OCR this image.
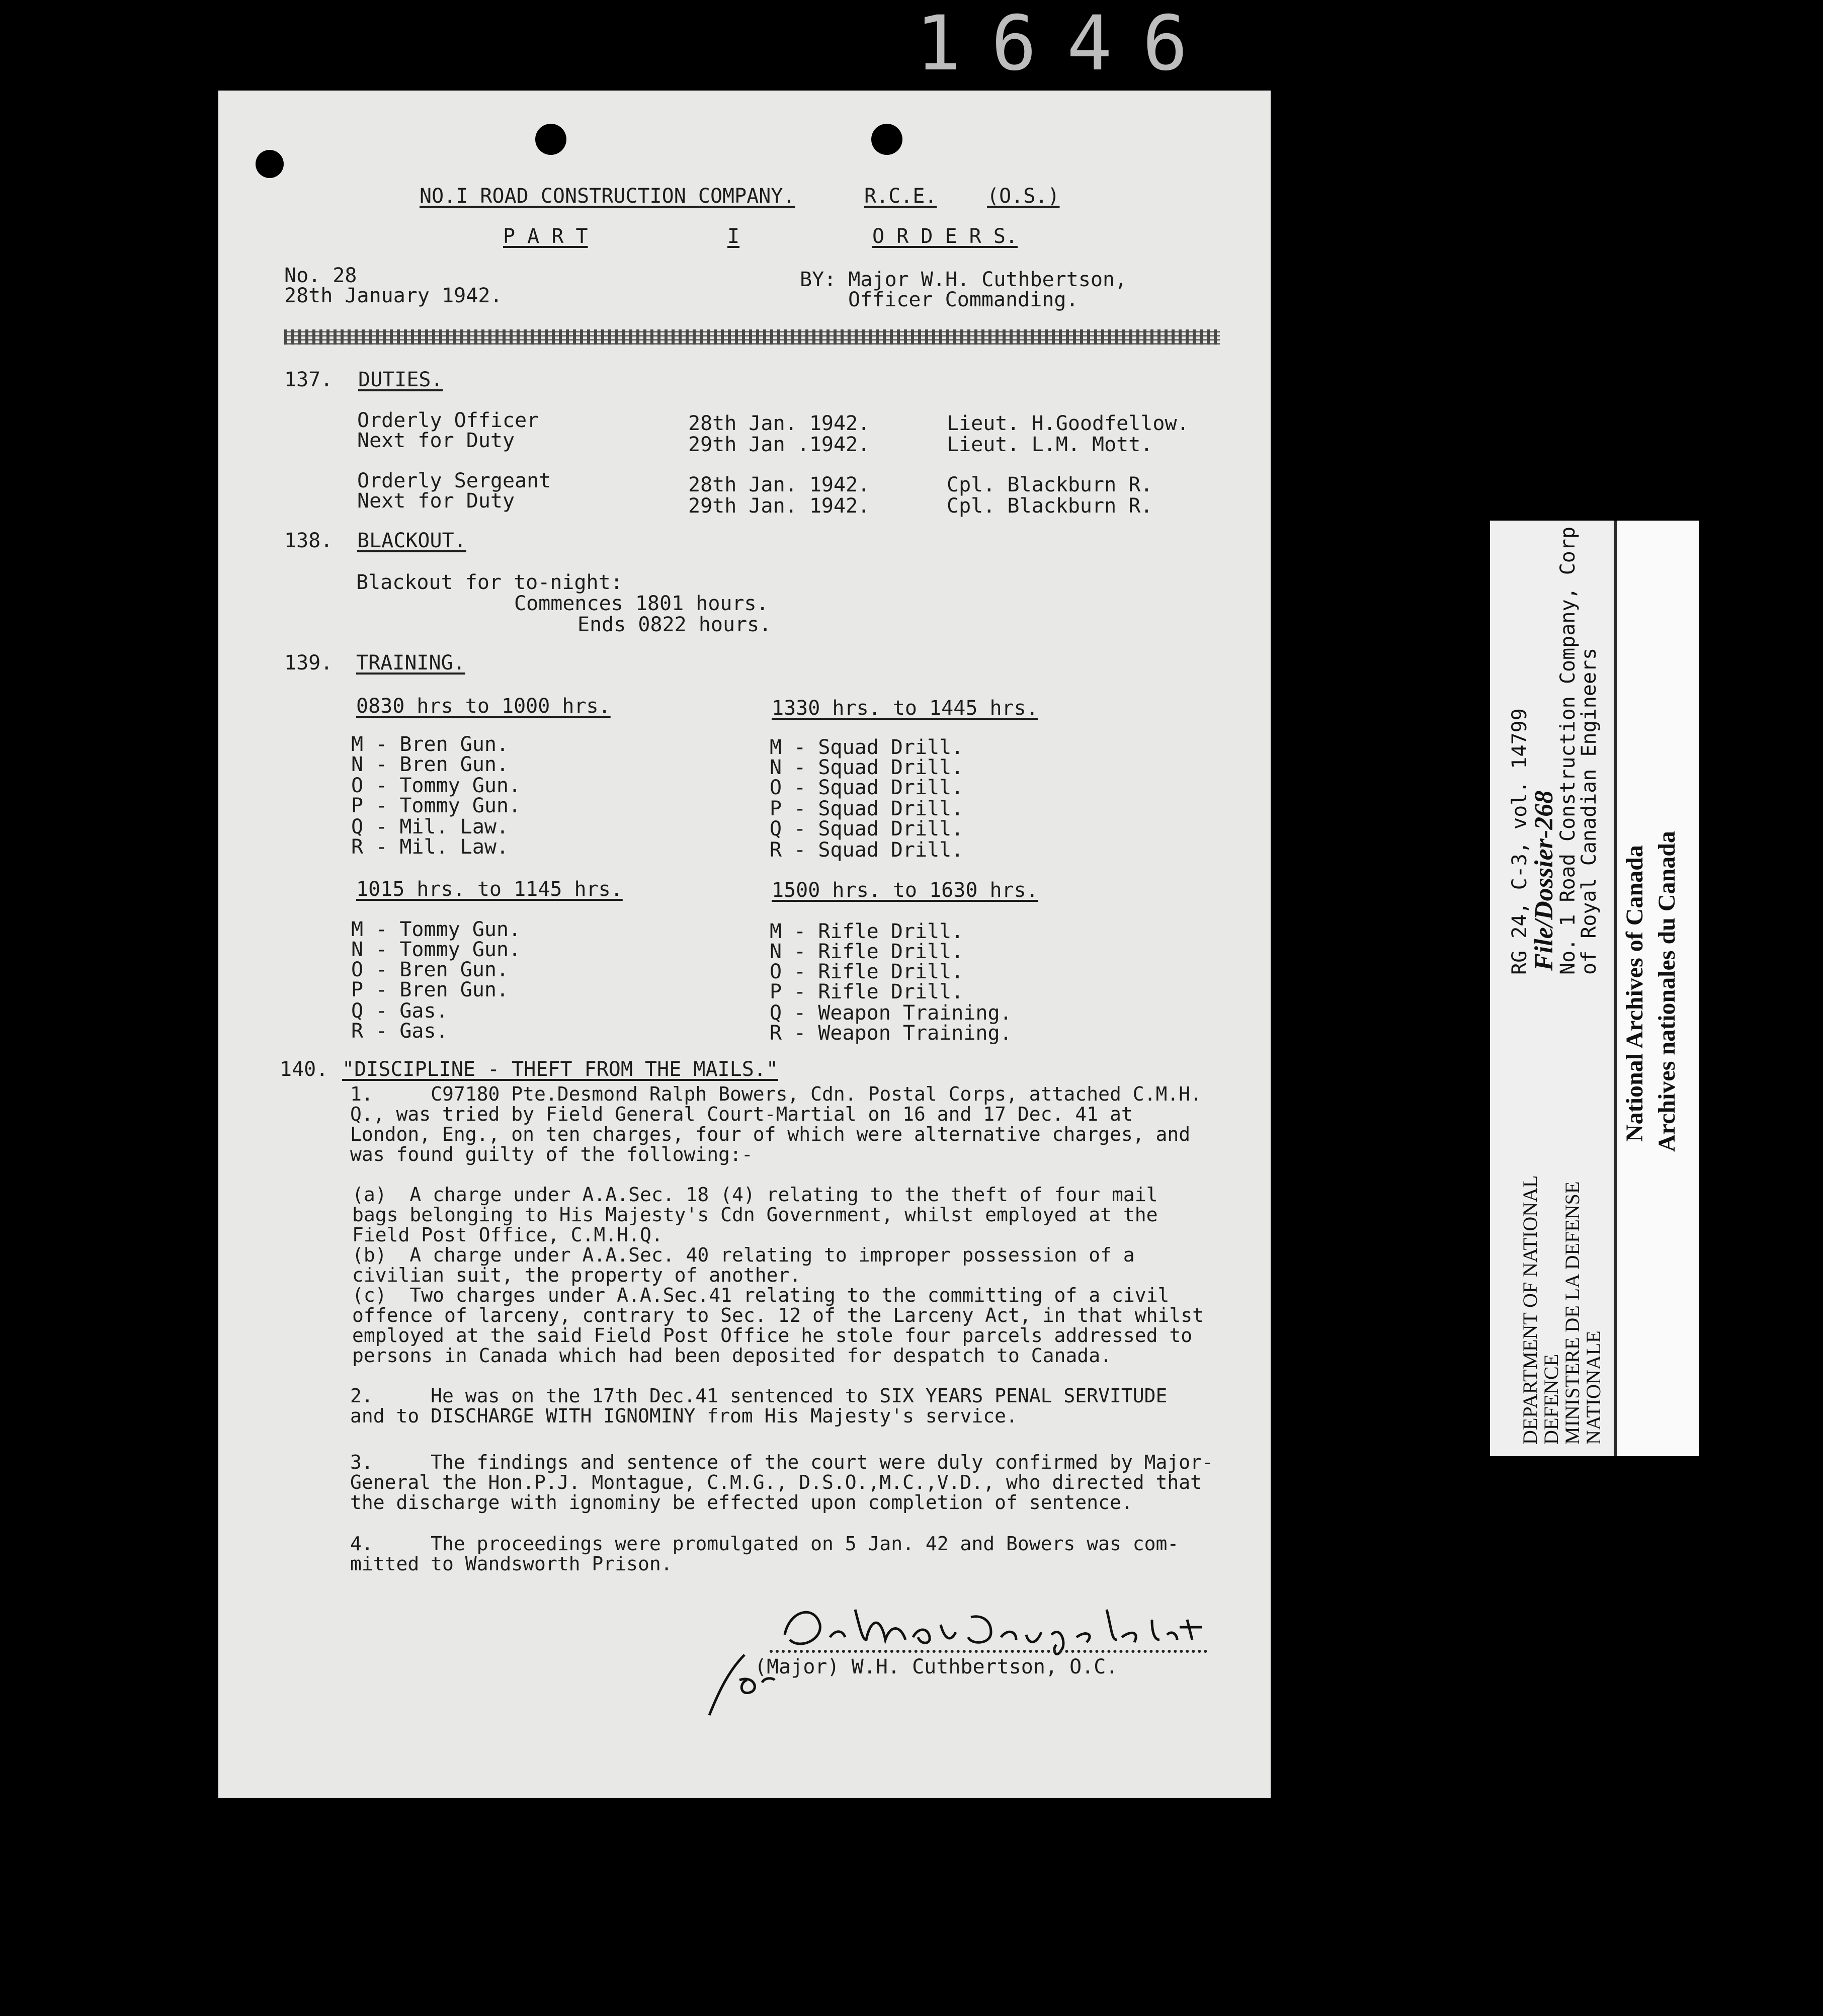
1646
NO.I ROAD CONSTRUCTION COMPANY.	R.C.E. (O.S.)
P A R T	I	O R D E R S.
No. 28
28th January 1942.
BY: Major W.H. Cuthbertson,
Officer Commanding.
137. DUTIES.
Orderly Officer	28th Jan. 1942.	Lieut. H.Goodfellow.
Next for Duty	29th Jan .1942.	Lieut. L.M. Mott.
Orderly Sergeant	28th Jan. 1942.	Cpl. Blackburn R.
Next for Duty	29th Jan. 1942.	Cpl. Blackburn R.
138. BLACKOUT.
Blackout for to-night:
Commences 1801 hours.
Ends 0822 hours.
139. TRAINING.
0830 hrs to 1000 hrs.
M - Bren Gun.
N - Bren Gun.
O - Tommy Gun.
P - Tommy Gun.
Q - Mil. Law.
R - Mil. Law.
1330 hrs. to 1445 hrs.
M - Squad Drill.
N - Squad Drill.
O - Squad Drill.
P - Squad Drill.
Q - Squad Drill.
R - Squad Drill.
1015 hrs. to 1145 hrs.
M - Tommy Gun.
N - Tommy Gun.
O - Bren Gun.
P - Bren Gun.
Q - Gas.
R - Gas.
1500 hrs. to 1630 hrs.
M - Rifle Drill.
N - Rifle Drill.
O - Rifle Drill.
P - Rifle Drill.
Q - Weapon Training.
R - Weapon Training.
140. "DISCIPLINE - THEFT FROM THE MAILS."
1.     C97180 Pte.Desmond Ralph Bowers, Cdn. Postal Corps, attached C.M.H.
Q., was tried by Field General Court-Martial on 16 and 17 Dec. 41 at
London, Eng., on ten charges, four of which were alternative charges, and
was found guilty of the following:-
(a)  A charge under A.A.Sec. 18 (4) relating to the theft of four mail
bags belonging to His Majesty's Cdn Government, whilst employed at the
Field Post Office, C.M.H.Q.
(b)  A charge under A.A.Sec. 40 relating to improper possession of a
civilian suit, the property of another.
(c)  Two charges under A.A.Sec.41 relating to the committing of a civil
offence of larceny, contrary to Sec. 12 of the Larceny Act, in that whilst
employed at the said Field Post Office he stole four parcels addressed to
persons in Canada which had been deposited for despatch to Canada.
2.     He was on the 17th Dec.41 sentenced to SIX YEARS PENAL SERVITUDE
and to DISCHARGE WITH IGNOMINY from His Majesty's service.
3.     The findings and sentence of the court were duly confirmed by Major-
General the Hon.P.J. Montague, C.M.G., D.S.O.,M.C.,V.D., who directed that
the discharge with ignominy be effected upon completion of sentence.
4.     The proceedings were promulgated on 5 Jan. 42 and Bowers was com-
mitted to Wandsworth Prison.
(Major) W.H. Cuthbertson, O.C.
DEPARTMENT OF NATIONAL
DEFENCE
MINISTERE DE LA DEFENSE
NATIONALE
RG 24, C-3, vol. 14799
File/Dossier-268
No. 1 Road Construction Company, Corp
of Royal Canadian Engineers
National Archives of Canada Archives nationales du Canada
